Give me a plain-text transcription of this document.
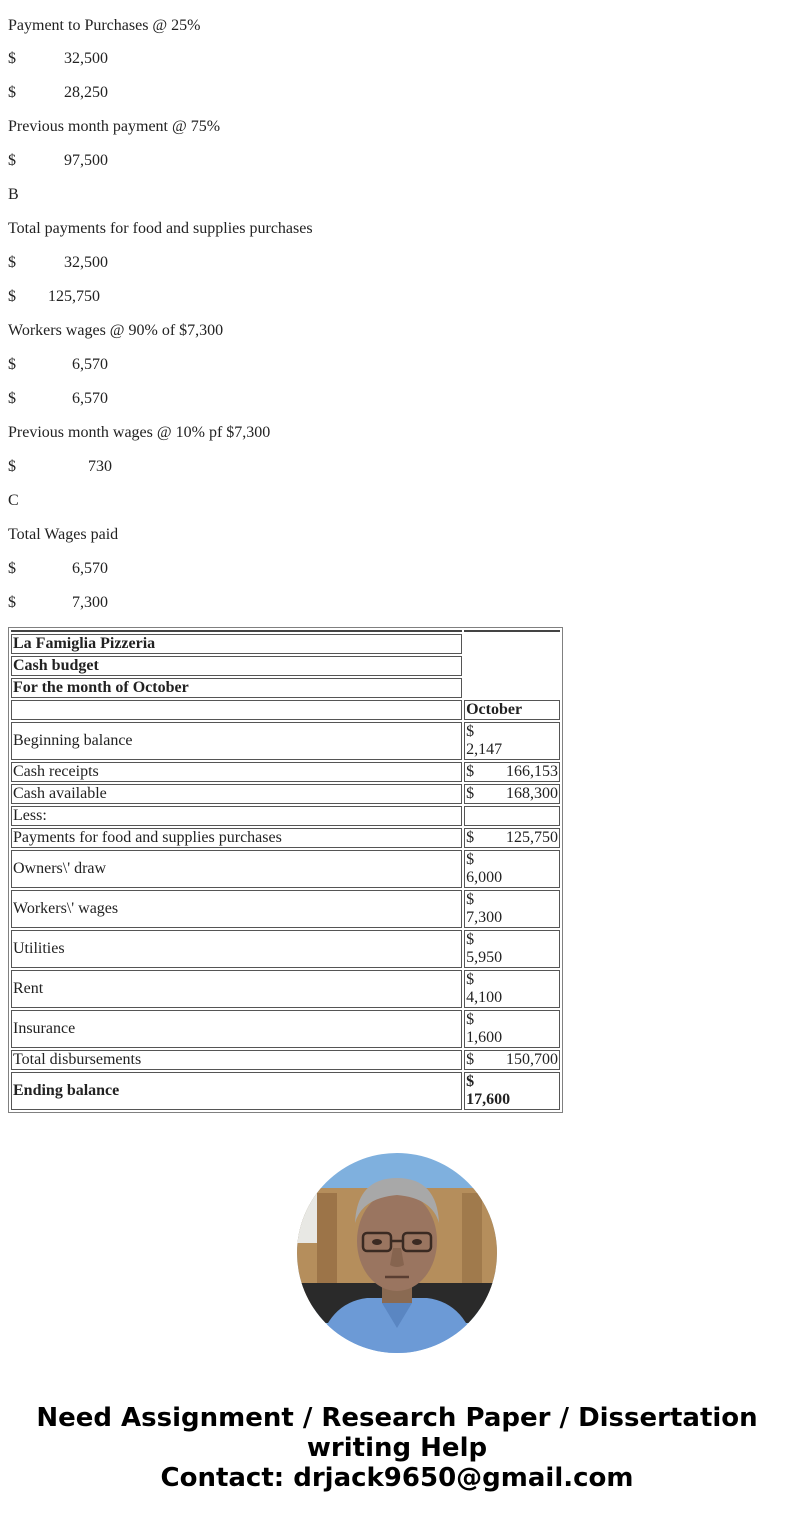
Payment to Purchases @ 25%

$	32,500

$	28,250

Previous month payment @ 75%

$	97,500

B

Total payments for food and supplies purchases

$	32,500

$ 125,750

Workers wages @ 90% of $7,300

$	6,570

$	6,570

Previous month wages @ 10% pf $7,300

$	730

C

Total Wages paid

$	6,570

$	7,300

La Famiglia Pizzeria	
Cash budget	
For the month of October	
	October
Beginning balance	$
2,147

Cash receipts	$ 166,153

Cash available	$ 168,300

Less:	
Payments for food and supplies purchases	$ 125,750

Owners\' draw	$
6,000

Workers\' wages	$
7,300

Utilities	$
5,950

Rent	$
4,100

Insurance	$
1,600

Total disbursements	$ 150,700

Ending balance	$
17,600
Need Assignment / Research Paper / Dissertation
writing Help
Contact: drjack9650@gmail.com
